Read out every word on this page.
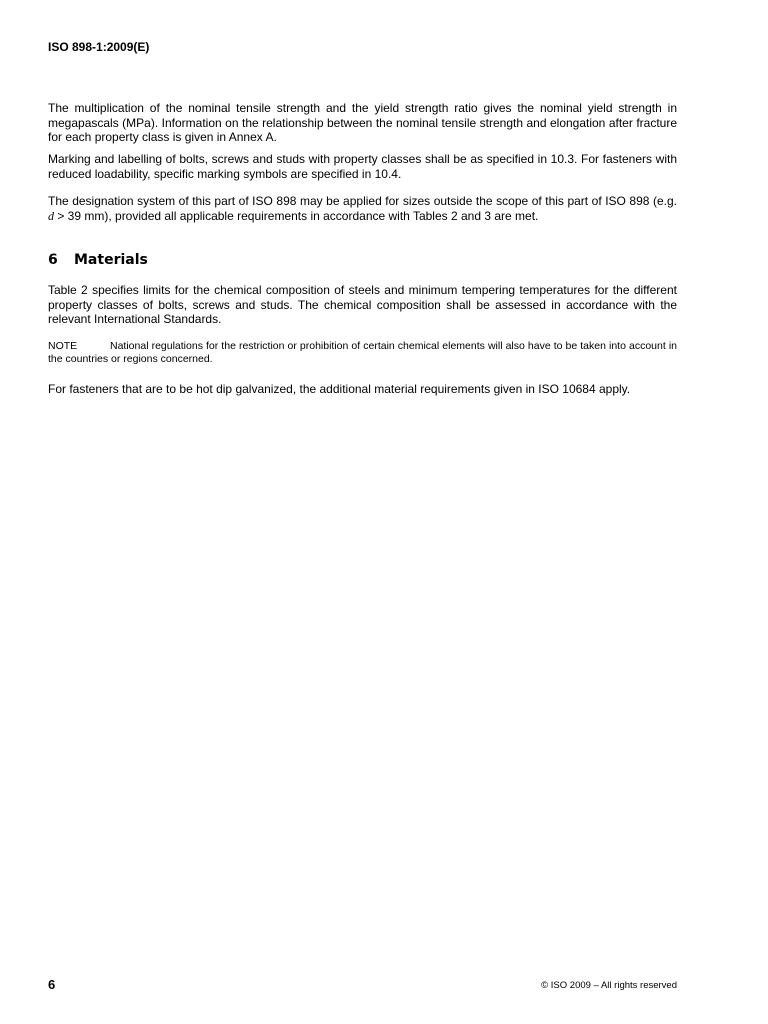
ISO 898-1:2009(E)

The multiplication of the nominal tensile strength and the yield strength ratio gives the nominal yield strength in megapascals (MPa). Information on the relationship between the nominal tensile strength and elongation after fracture for each property class is given in Annex A.

Marking and labelling of bolts, screws and studs with property classes shall be as specified in 10.3. For fasteners with reduced loadability, specific marking symbols are specified in 10.4.

The designation system of this part of ISO 898 may be applied for sizes outside the scope of this part of ISO 898 (e.g. d > 39 mm), provided all applicable requirements in accordance with Tables 2 and 3 are met.

6 Materials

Table 2 specifies limits for the chemical composition of steels and minimum tempering temperatures for the different property classes of bolts, screws and studs. The chemical composition shall be assessed in accordance with the relevant International Standards.

NOTE	National regulations for the restriction or prohibition of certain chemical elements will also have to be taken into account in the countries or regions concerned.

For fasteners that are to be hot dip galvanized, the additional material requirements given in ISO 10684 apply.

6	© ISO 2009 – All rights reserved
